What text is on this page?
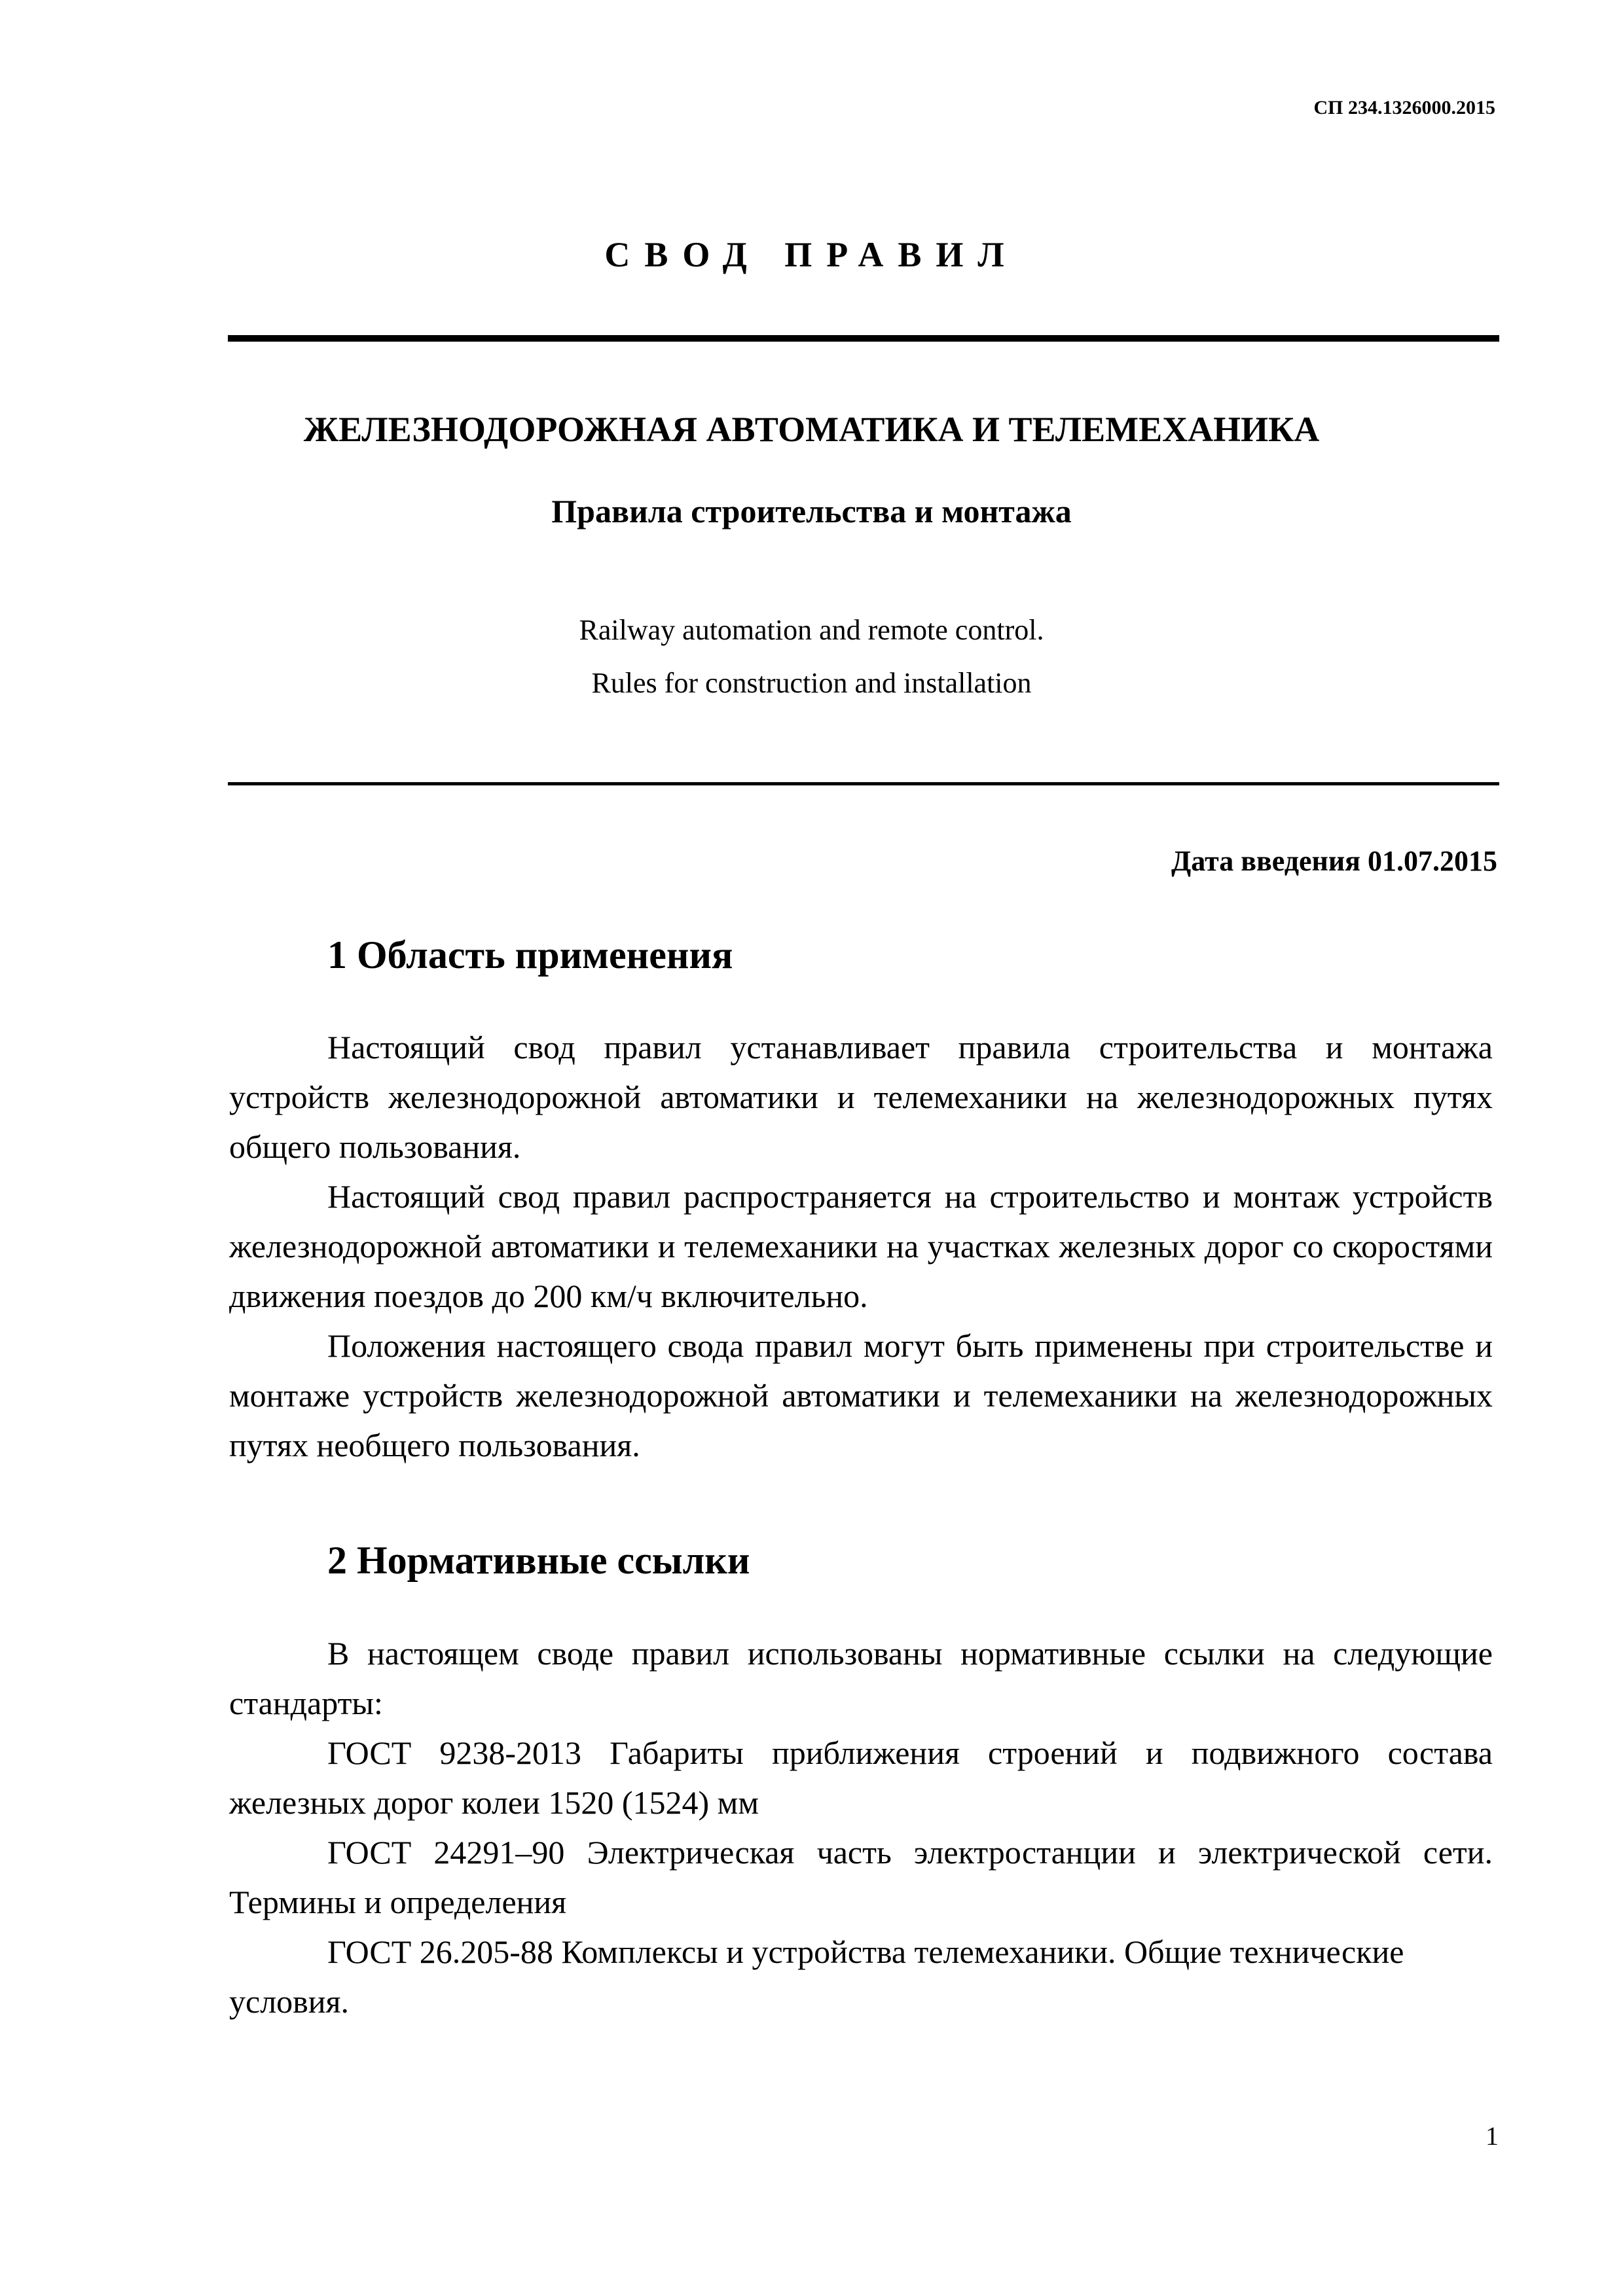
СП 234.1326000.2015
СВОД ПРАВИЛ
ЖЕЛЕЗНОДОРОЖНАЯ АВТОМАТИКА И ТЕЛЕМЕХАНИКА
Правила строительства и монтажа
Railway automation and remote control.
Rules for construction and installation
Дата введения 01.07.2015
1 Область применения

Настоящий свод правил устанавливает правила строительства и монтажа устройств железнодорожной автоматики и телемеханики на железнодорожных путях общего пользования.

Настоящий свод правил распространяется на строительство и монтаж устройств железнодорожной автоматики и телемеханики на участках железных дорог со скоростями движения поездов до 200 км/ч включительно.

Положения настоящего свода правил могут быть применены при строительстве и монтаже устройств железнодорожной автоматики и телемеханики на железнодорожных путях необщего пользования.

2 Нормативные ссылки

В настоящем своде правил использованы нормативные ссылки на следующие стандарты:

ГОСТ 9238-2013 Габариты приближения строений и подвижного состава железных дорог колеи 1520 (1524) мм

ГОСТ 24291–90 Электрическая часть электростанции и электрической сети. Термины и определения

ГОСТ 26.205-88 Комплексы и устройства телемеханики. Общие технические условия.

1
